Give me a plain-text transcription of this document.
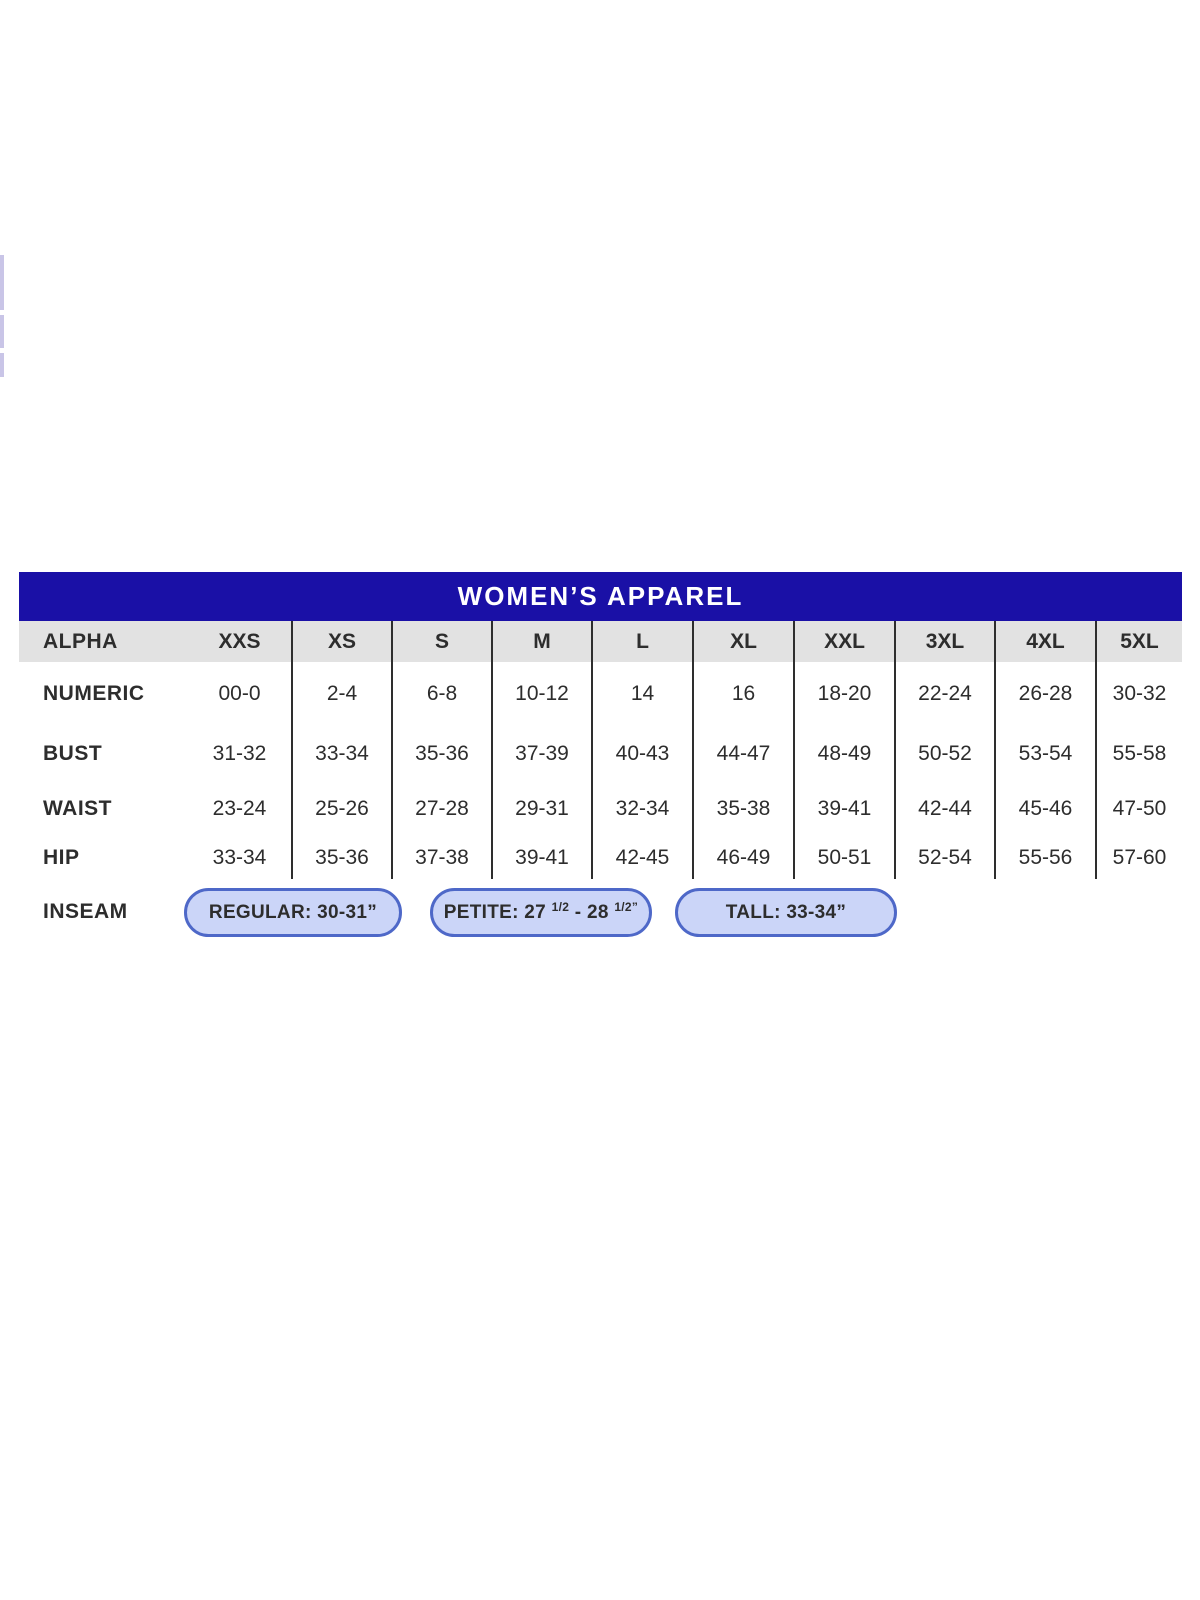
WOMEN’S APPAREL
ALPHA	XXS	XS	S	M	L	XL	XXL	3XL	4XL	5XL
NUMERIC	00-0	2-4	6-8	10-12	14	16	18-20	22-24	26-28	30-32
BUST	31-32	33-34	35-36	37-39	40-43	44-47	48-49	50-52	53-54	55-58
WAIST	23-24	25-26	27-28	29-31	32-34	35-38	39-41	42-44	45-46	47-50
HIP	33-34	35-36	37-38	39-41	42-45	46-49	50-51	52-54	55-56	57-60
INSEAM	REGULAR: 30-31”	PETITE: 27 $^{1/2}$ - 28 $^{1/2”}$	TALL: 33-34”
